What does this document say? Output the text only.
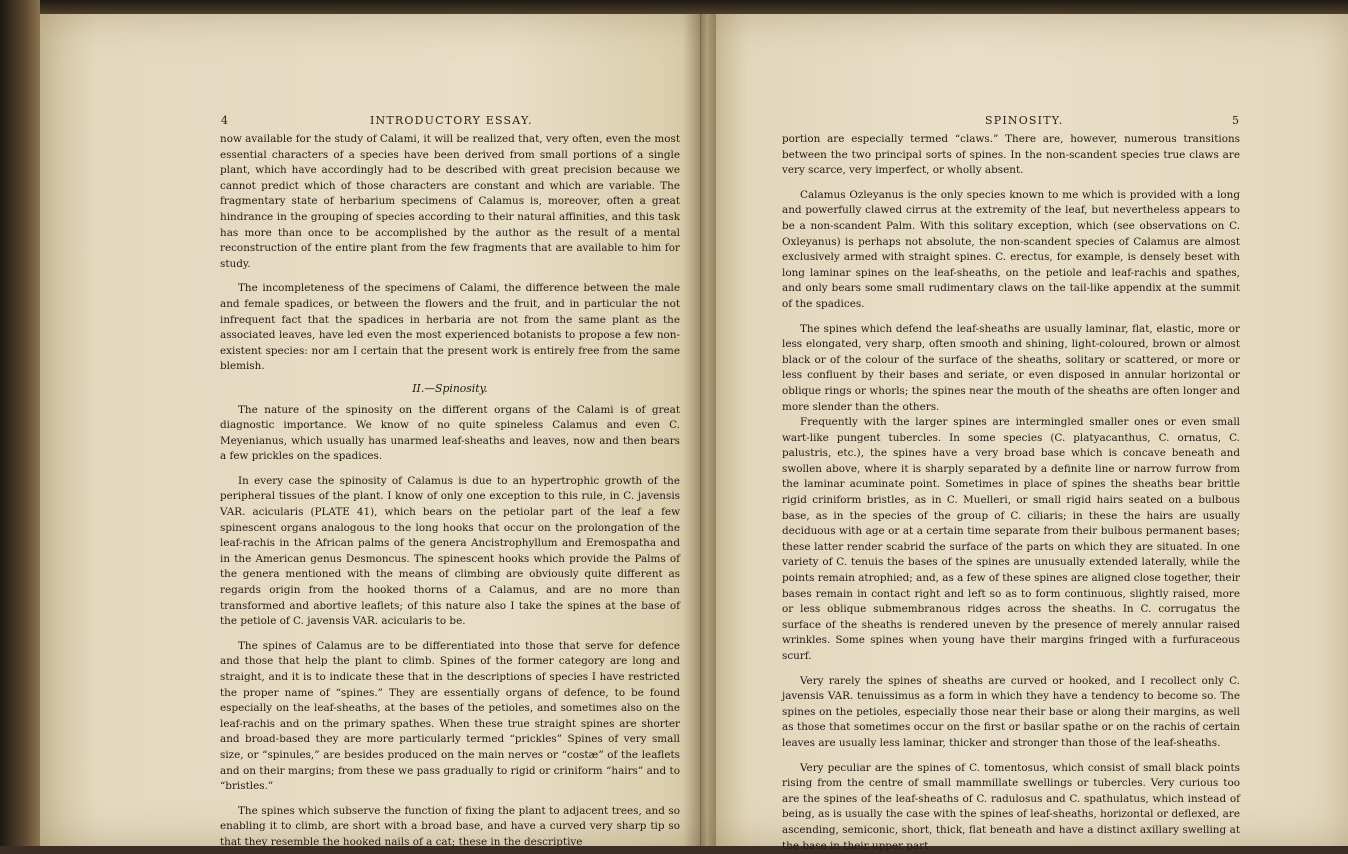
4	INTRODUCTORY ESSAY.

now available for the study of Calami, it will be realized that, very often, even the most essential characters of a species have been derived from small portions of a single plant, which have accordingly had to be described with great precision because we cannot predict which of those characters are constant and which are variable. The fragmentary state of herbarium specimens of Calamus is, moreover, often a great hindrance in the grouping of species according to their natural affinities, and this task has more than once to be accomplished by the author as the result of a mental reconstruction of the entire plant from the few fragments that are available to him for study.

The incompleteness of the specimens of Calami, the difference between the male and female spadices, or between the flowers and the fruit, and in particular the not infrequent fact that the spadices in herbaria are not from the same plant as the associated leaves, have led even the most experienced botanists to propose a few non-existent species: nor am I certain that the present work is entirely free from the same blemish.

II.—Spinosity.

The nature of the spinosity on the different organs of the Calami is of great diagnostic importance. We know of no quite spineless Calamus and even C. Meyenianus, which usually has unarmed leaf-sheaths and leaves, now and then bears a few prickles on the spadices.

In every case the spinosity of Calamus is due to an hypertrophic growth of the peripheral tissues of the plant. I know of only one exception to this rule, in C. javensis VAR. acicularis (PLATE 41), which bears on the petiolar part of the leaf a few spinescent organs analogous to the long hooks that occur on the prolongation of the leaf-rachis in the African palms of the genera Ancistrophyllum and Eremospatha and in the American genus Desmoncus. The spinescent hooks which provide the Palms of the genera mentioned with the means of climbing are obviously quite different as regards origin from the hooked thorns of a Calamus, and are no more than transformed and abortive leaflets; of this nature also I take the spines at the base of the petiole of C. javensis VAR. acicularis to be.

The spines of Calamus are to be differentiated into those that serve for defence and those that help the plant to climb. Spines of the former category are long and straight, and it is to indicate these that in the descriptions of species I have restricted the proper name of “spines.” They are essentially organs of defence, to be found especially on the leaf-sheaths, at the bases of the petioles, and sometimes also on the leaf-rachis and on the primary spathes. When these true straight spines are shorter and broad-based they are more particularly termed “prickles” Spines of very small size, or “spinules,” are besides produced on the main nerves or “costæ” of the leaflets and on their margins; from these we pass gradually to rigid or criniform “hairs” and to “bristles.”

The spines which subserve the function of fixing the plant to adjacent trees, and so enabling it to climb, are short with a broad base, and have a curved very sharp tip so that they resemble the hooked nails of a cat; these in the descriptive

SPINOSITY.	5

portion are especially termed “claws.” There are, however, numerous transitions between the two principal sorts of spines. In the non-scandent species true claws are very scarce, very imperfect, or wholly absent.

Calamus Ozleyanus is the only species known to me which is provided with a long and powerfully clawed cirrus at the extremity of the leaf, but nevertheless appears to be a non-scandent Palm. With this solitary exception, which (see observations on C. Oxleyanus) is perhaps not absolute, the non-scandent species of Calamus are almost exclusively armed with straight spines. C. erectus, for example, is densely beset with long laminar spines on the leaf-sheaths, on the petiole and leaf-rachis and spathes, and only bears some small rudimentary claws on the tail-like appendix at the summit of the spadices.

The spines which defend the leaf-sheaths are usually laminar, flat, elastic, more or less elongated, very sharp, often smooth and shining, light-coloured, brown or almost black or of the colour of the surface of the sheaths, solitary or scattered, or more or less confluent by their bases and seriate, or even disposed in annular horizontal or oblique rings or whorls; the spines near the mouth of the sheaths are often longer and more slender than the others.

Frequently with the larger spines are intermingled smaller ones or even small wart-like pungent tubercles. In some species (C. platyacanthus, C. ornatus, C. palustris, etc.), the spines have a very broad base which is concave beneath and swollen above, where it is sharply separated by a definite line or narrow furrow from the laminar acuminate point. Sometimes in place of spines the sheaths bear brittle rigid criniform bristles, as in C. Muelleri, or small rigid hairs seated on a bulbous base, as in the species of the group of C. ciliaris; in these the hairs are usually deciduous with age or at a certain time separate from their bulbous permanent bases; these latter render scabrid the surface of the parts on which they are situated. In one variety of C. tenuis the bases of the spines are unusually extended laterally, while the points remain atrophied; and, as a few of these spines are aligned close together, their bases remain in contact right and left so as to form continuous, slightly raised, more or less oblique submembranous ridges across the sheaths. In C. corrugatus the surface of the sheaths is rendered uneven by the presence of merely annular raised wrinkles. Some spines when young have their margins fringed with a furfuraceous scurf.

Very rarely the spines of sheaths are curved or hooked, and I recollect only C. javensis VAR. tenuissimus as a form in which they have a tendency to become so. The spines on the petioles, especially those near their base or along their margins, as well as those that sometimes occur on the first or basilar spathe or on the rachis of certain leaves are usually less laminar, thicker and stronger than those of the leaf-sheaths.

Very peculiar are the spines of C. tomentosus, which consist of small black points rising from the centre of small mammillate swellings or tubercles. Very curious too are the spines of the leaf-sheaths of C. radulosus and C. spathulatus, which instead of being, as is usually the case with the spines of leaf-sheaths, horizontal or deflexed, are ascending, semiconic, short, thick, flat beneath and have a distinct axillary swelling at the base in their upper part.
